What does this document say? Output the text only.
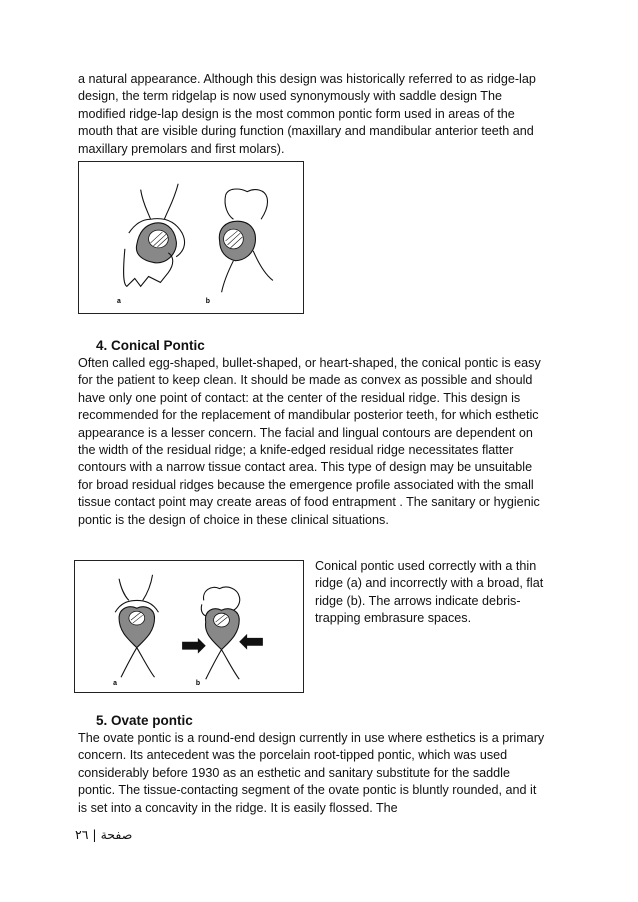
a natural appearance. Although this design was historically referred to as ridge-lap design, the term ridgelap is now used synonymously with saddle design The modified ridge-lap design is the most common pontic form used in areas of the mouth that are visible during function (maxillary and mandibular anterior teeth and maxillary premolars and first molars).

a	b

4. Conical Pontic

Often called egg-shaped, bullet-shaped, or heart-shaped, the conical pontic is easy for the patient to keep clean. It should be made as convex as possible and should have only one point of contact: at the center of the residual ridge. This design is recommended for the replacement of mandibular posterior teeth, for which esthetic appearance is a lesser concern. The facial and lingual contours are dependent on the width of the residual ridge; a knife-edged residual ridge necessitates flatter contours with a narrow tissue contact area. This type of design may be unsuitable for broad residual ridges because the emergence profile associated with the small tissue contact point may create areas of food entrapment . The sanitary or hygienic pontic is the design of choice in these clinical situations.

a	b

Conical pontic used correctly with a thin ridge (a) and incorrectly with a broad, flat ridge (b). The arrows indicate debris-trapping embrasure spaces.

5. Ovate pontic

The ovate pontic is a round-end design currently in use where esthetics is a primary concern. Its antecedent was the porcelain root-tipped pontic, which was used considerably before 1930 as an esthetic and sanitary substitute for the saddle pontic. The tissue-contacting segment of the ovate pontic is bluntly rounded, and it is set into a concavity in the ridge. It is easily flossed. The

صفحة | ٢٦
